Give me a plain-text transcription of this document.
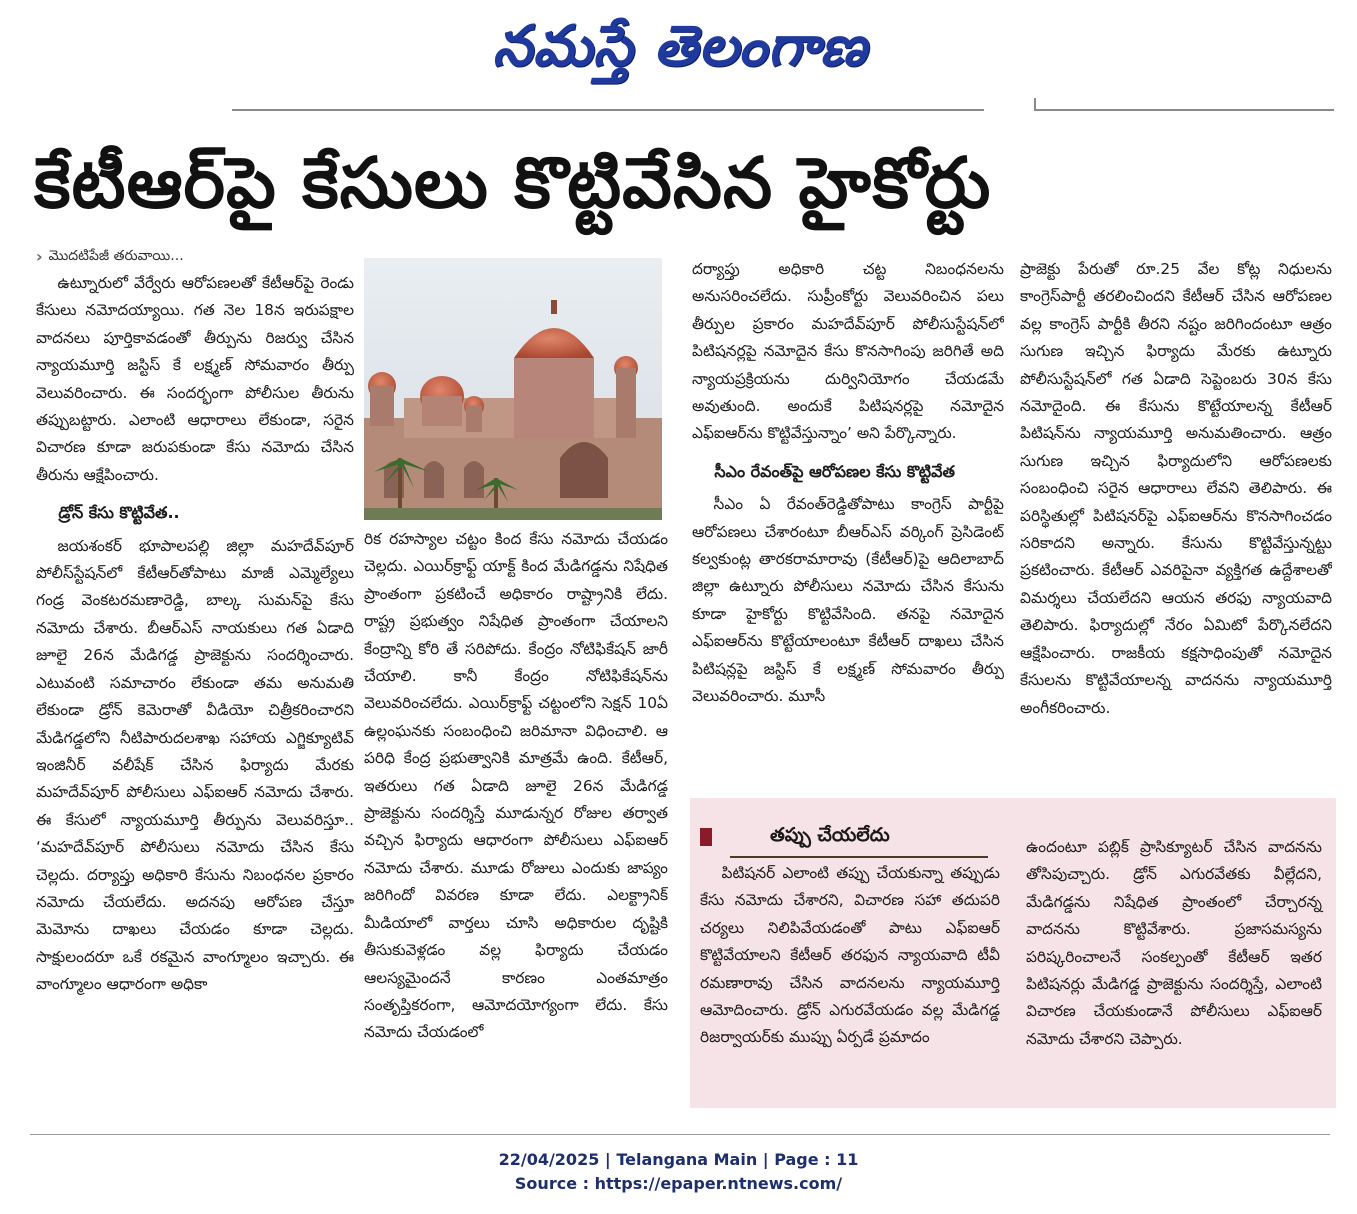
నమస్తే తెలంగాణ
కేటీఆర్‌పై కేసులు కొట్టివేసిన హైకోర్టు
› మొదటిపేజీ తరువాయి...

ఉట్నూరులో వేర్వేరు ఆరోపణలతో కేటీఆర్‌పై రెండు కేసులు నమోదయ్యాయి. గత నెల 18న ఇరుపక్షాల వాదనలు పూర్తికావడంతో తీర్పును రిజర్వు చేసిన న్యాయమూర్తి జస్టిస్ కే లక్ష్మణ్ సోమవారం తీర్పు వెలువరించారు. ఈ సందర్భంగా పోలీసుల తీరును తప్పుబట్టారు. ఎలాంటి ఆధారాలు లేకుండా, సరైన విచారణ కూడా జరుపకుండా కేసు నమోదు చేసిన తీరును ఆక్షేపించారు.

డ్రోన్ కేసు కొట్టివేత..

జయశంకర్ భూపాలపల్లి జిల్లా మహదేవ్‌పూర్ పోలీస్‌స్టేషన్‌లో కేటీఆర్‌తోపాటు మాజీ ఎమ్మెల్యేలు గండ్ర వెంకటరమణారెడ్డి, బాల్క సుమన్‌పై కేసు నమోదు చేశారు. బీఆర్‌ఎస్ నాయకులు గత ఏడాది జూలై 26న మేడిగడ్డ ప్రాజెక్టును సందర్శించారు. ఎటువంటి సమాచారం లేకుండా తమ అనుమతి లేకుండా డ్రోన్ కెమెరాతో వీడియో చిత్రీకరించారని మేడిగడ్డలోని నీటిపారుదలశాఖ సహాయ ఎగ్జిక్యూటివ్ ఇంజినీర్ వలీషేక్ చేసిన ఫిర్యాదు మేరకు మహదేవ్‌పూర్ పోలీసులు ఎఫ్ఐఆర్ నమోదు చేశారు. ఈ కేసులో న్యాయమూర్తి తీర్పును వెలువరిస్తూ.. ‘మహదేవ్‌పూర్ పోలీసులు నమోదు చేసిన కేసు చెల్లదు. దర్యాప్తు అధికారి కేసును నిబంధనల ప్రకారం నమోదు చేయలేదు. అదనపు ఆరోపణ చేస్తూ మెమోను దాఖలు చేయడం కూడా చెల్లదు. సాక్షులందరూ ఒకే రకమైన వాంగ్మూలం ఇచ్చారు. ఈ వాంగ్మూలం ఆధారంగా అధికా

రిక రహస్యాల చట్టం కింద కేసు నమోదు చేయడం చెల్లదు. ఎయిర్‌క్రాఫ్ట్ యాక్ట్ కింద మేడిగడ్డను నిషేధిత ప్రాంతంగా ప్రకటించే అధికారం రాష్ట్రానికి లేదు. రాష్ట్ర ప్రభుత్వం నిషేధిత ప్రాంతంగా చేయాలని కేంద్రాన్ని కోరి తే సరిపోదు. కేంద్రం నోటిఫికేషన్ జారీ చేయాలి. కానీ కేంద్రం నోటిఫికేషన్‌ను వెలువరించలేదు. ఎయిర్‌క్రాఫ్ట్ చట్టంలోని సెక్షన్ 10ఏ ఉల్లంఘనకు సంబంధించి జరిమానా విధించాలి. ఆ పరిధి కేంద్ర ప్రభుత్వానికి మాత్రమే ఉంది. కేటీఆర్, ఇతరులు గత ఏడాది జూలై 26న మేడిగడ్డ ప్రాజెక్టును సందర్శిస్తే మూడున్నర రోజుల తర్వాత వచ్చిన ఫిర్యాదు ఆధారంగా పోలీసులు ఎఫ్ఐఆర్ నమోదు చేశారు. మూడు రోజులు ఎందుకు జాప్యం జరిగిందో వివరణ కూడా లేదు. ఎలక్ట్రానిక్ మీడియాలో వార్తలు చూసి అధికారుల దృష్టికి తీసుకువెళ్లడం వల్ల ఫిర్యాదు చేయడం ఆలస్యమైందనే కారణం ఎంతమాత్రం సంతృప్తికరంగా, ఆమోదయోగ్యంగా లేదు. కేసు నమోదు చేయడంలో

దర్యాప్తు అధికారి చట్ట నిబంధనలను అనుసరించలేదు. సుప్రీంకోర్టు వెలువరించిన పలు తీర్పుల ప్రకారం మహదేవ్‌పూర్ పోలీసుస్టేషన్‌లో పిటిషనర్లపై నమోదైన కేసు కొనసాగింపు జరిగితే అది న్యాయప్రక్రియను దుర్వినియోగం చేయడమే అవుతుంది. అందుకే పిటిషనర్లపై నమోదైన ఎఫ్ఐఆర్‌ను కొట్టివేస్తున్నాం’ అని పేర్కొన్నారు.

సీఎం రేవంత్‌పై ఆరోపణల కేసు కొట్టివేత

సీఎం ఏ రేవంత్‌రెడ్డితోపాటు కాంగ్రెస్ పార్టీపై ఆరోపణలు చేశారంటూ బీఆర్‌ఎస్ వర్కింగ్ ప్రెసిడెంట్ కల్వకుంట్ల తారకరామారావు (కేటీఆర్)పై ఆదిలాబాద్ జిల్లా ఉట్నూరు పోలీసులు నమోదు చేసిన కేసును కూడా హైకోర్టు కొట్టివేసింది. తనపై నమోదైన ఎఫ్ఐఆర్‌ను కొట్టేయాలంటూ కేటీఆర్ దాఖలు చేసిన పిటిషన్లపై జస్టిస్ కే లక్ష్మణ్ సోమవారం తీర్పు వెలువరించారు. మూసీ

ప్రాజెక్టు పేరుతో రూ.25 వేల కోట్ల నిధులను కాంగ్రెస్‌పార్టీ తరలించిందని కేటీఆర్ చేసిన ఆరోపణల వల్ల కాంగ్రెస్ పార్టీకి తీరని నష్టం జరిగిందంటూ ఆత్రం సుగుణ ఇచ్చిన ఫిర్యాదు మేరకు ఉట్నూరు పోలీసుస్టేషన్‌లో గత ఏడాది సెప్టెంబరు 30న కేసు నమోదైంది. ఈ కేసును కొట్టేయాలన్న కేటీఆర్ పిటిషన్‌ను న్యాయమూర్తి అనుమతించారు. ఆత్రం సుగుణ ఇచ్చిన ఫిర్యాదులోని ఆరోపణలకు సంబంధించి సరైన ఆధారాలు లేవని తెలిపారు. ఈ పరిస్థితుల్లో పిటిషనర్‌పై ఎఫ్ఐఆర్‌ను కొనసాగించడం సరికాదని అన్నారు. కేసును కొట్టివేస్తున్నట్టు ప్రకటించారు. కేటీఆర్ ఎవరిపైనా వ్యక్తిగత ఉద్దేశాలతో విమర్శలు చేయలేదని ఆయన తరఫు న్యాయవాది తెలిపారు. ఫిర్యాదుల్లో నేరం ఏమిటో పేర్కొనలేదని ఆక్షేపించారు. రాజకీయ కక్షసాధింపుతో నమోదైన కేసులను కొట్టివేయాలన్న వాదనను న్యాయమూర్తి అంగీకరించారు.

తప్పు చేయలేదు

పిటిషనర్ ఎలాంటి తప్పు చేయకున్నా తప్పుడు కేసు నమోదు చేశారని, విచారణ సహా తదుపరి చర్యలు నిలిపివేయడంతో పాటు ఎఫ్ఐఆర్ కొట్టివేయాలని కేటీఆర్ తరఫున న్యాయవాది టీవీ రమణారావు చేసిన వాదనలను న్యాయమూర్తి ఆమోదించారు. డ్రోన్ ఎగురవేయడం వల్ల మేడిగడ్డ రిజర్వాయర్‌కు ముప్పు ఏర్పడే ప్రమాదం

ఉందంటూ పబ్లిక్ ప్రాసిక్యూటర్ చేసిన వాదనను తోసిపుచ్చారు. డ్రోన్ ఎగురవేతకు వీల్లేదని, మేడిగడ్డను నిషేధిత ప్రాంతంలో చేర్చారన్న వాదనను కొట్టివేశారు. ప్రజాసమస్యను పరిష్కరించాలనే సంకల్పంతో కేటీఆర్ ఇతర పిటిషనర్లు మేడిగడ్డ ప్రాజెక్టును సందర్శిస్తే, ఎలాంటి విచారణ చేయకుండానే పోలీసులు ఎఫ్ఐఆర్ నమోదు చేశారని చెప్పారు.

22/04/2025 | Telangana Main | Page : 11
Source : https://epaper.ntnews.com/
